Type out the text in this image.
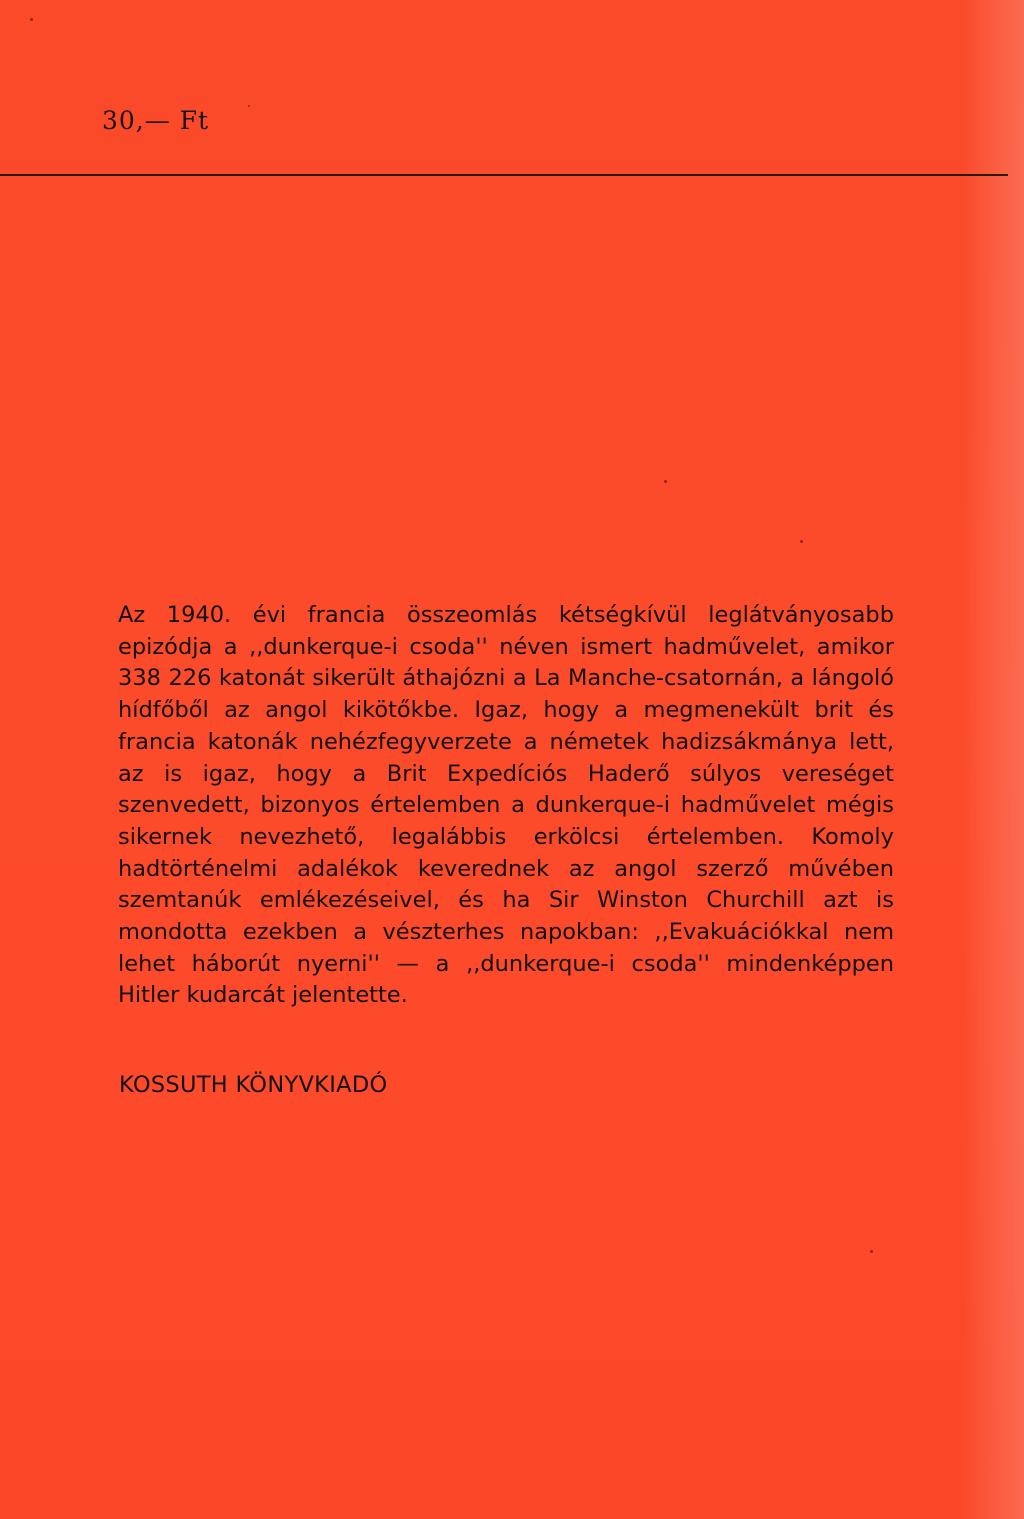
30,— Ft
Az 1940. évi francia összeomlás kétségkívül leglátványosabb epizódja a ,,dunkerque-i csoda'' néven ismert hadművelet, amikor 338 226 katonát sikerült áthajózni a La Manche-csatornán, a lángoló hídfőből az angol kikötőkbe. Igaz, hogy a megmenekült brit és francia katonák nehézfegyverzete a németek hadizsákmánya lett, az is igaz, hogy a Brit Expedíciós Haderő súlyos vereséget szenvedett, bizonyos értelemben a dunkerque-i hadművelet mégis sikernek nevezhető, legalábbis erkölcsi értelemben. Komoly hadtörténelmi adalékok keverednek az angol szerző művében szemtanúk emlékezéseivel, és ha Sir Winston Churchill azt is mondotta ezekben a vészterhes napokban: ,,Evakuációkkal nem lehet háborút nyerni'' — a ,,dunkerque-i csoda'' mindenképpen Hitler kudarcát jelentette.
KOSSUTH KÖNYVKIADÓ
